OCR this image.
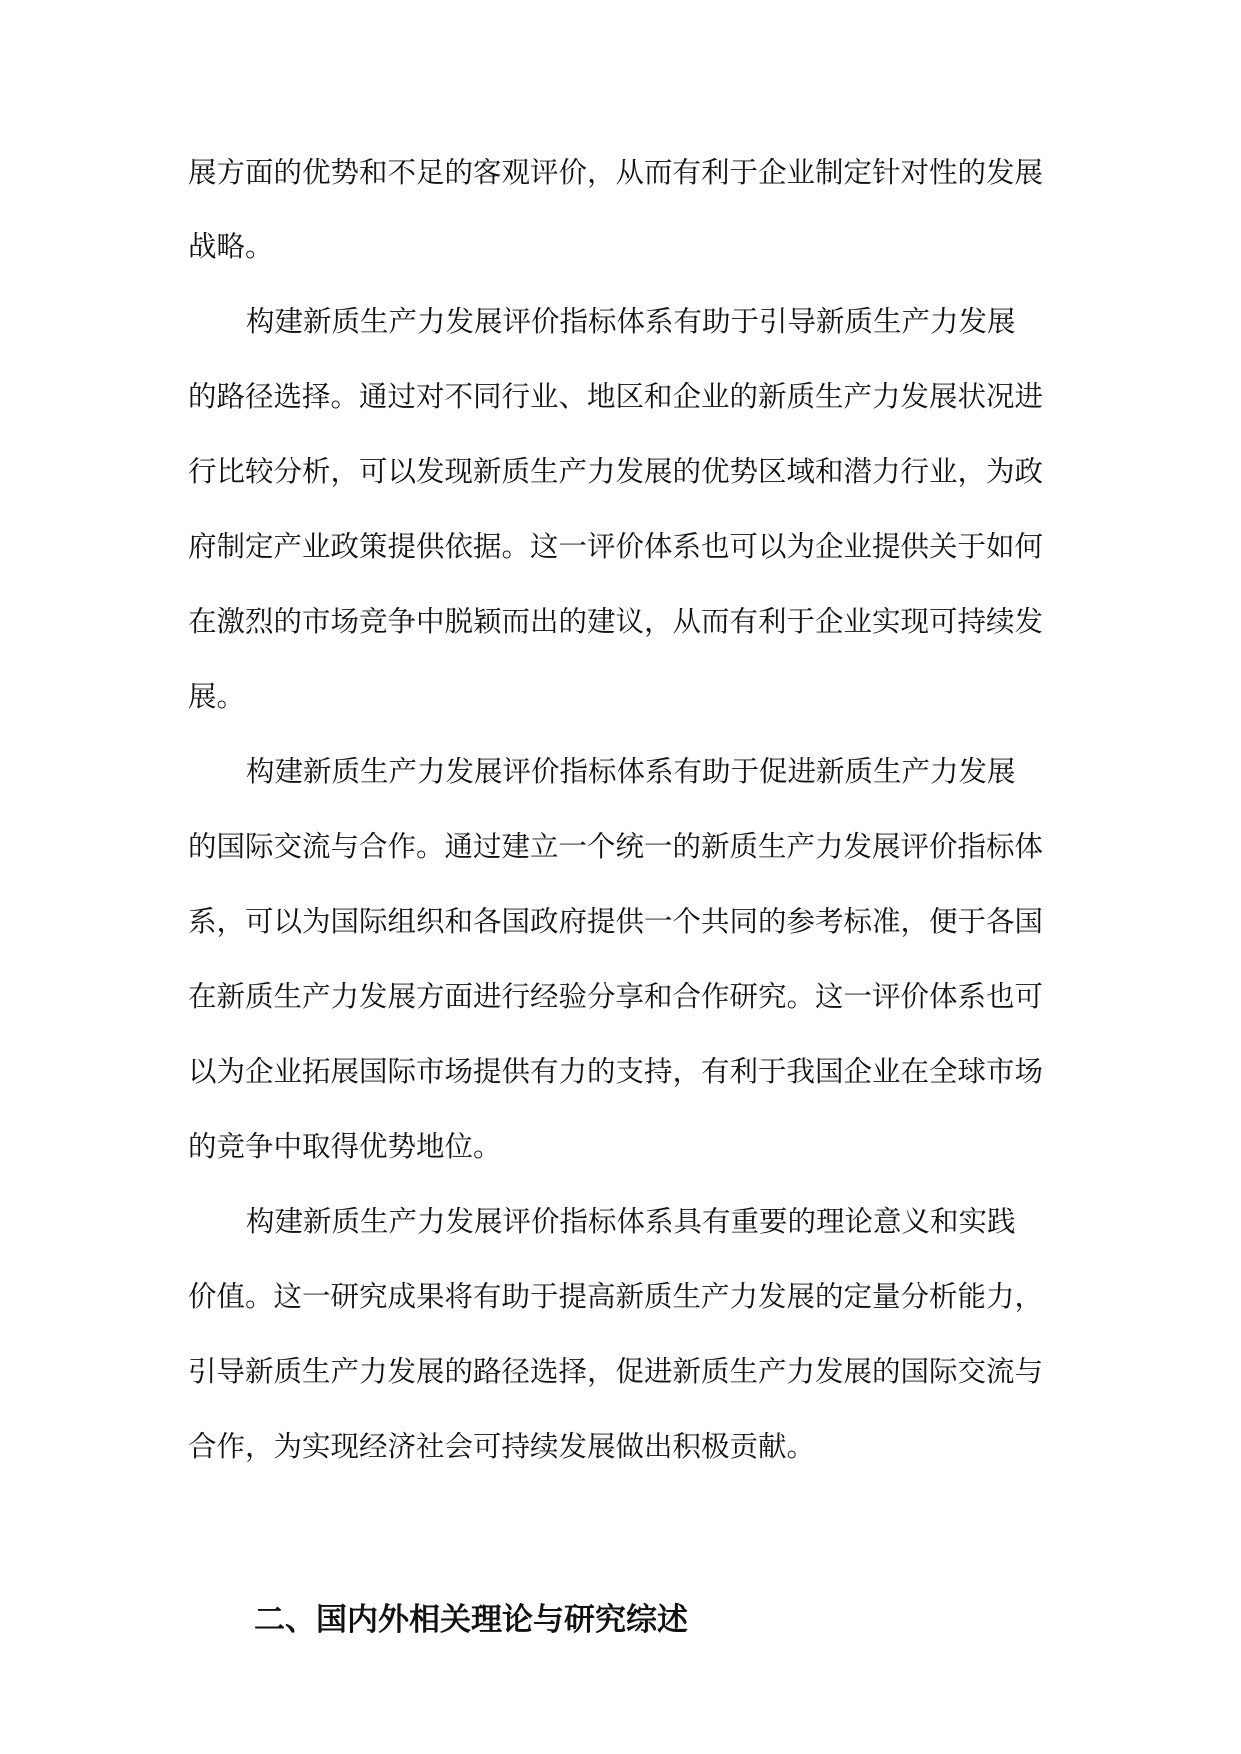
展方面的优势和不足的客观评价，从而有利于企业制定针对性的发展
战略。
构建新质生产力发展评价指标体系有助于引导新质生产力发展
的路径选择。通过对不同行业、地区和企业的新质生产力发展状况进
行比较分析，可以发现新质生产力发展的优势区域和潜力行业，为政
府制定产业政策提供依据。这一评价体系也可以为企业提供关于如何
在激烈的市场竞争中脱颖而出的建议，从而有利于企业实现可持续发
展。
构建新质生产力发展评价指标体系有助于促进新质生产力发展
的国际交流与合作。通过建立一个统一的新质生产力发展评价指标体
系，可以为国际组织和各国政府提供一个共同的参考标准，便于各国
在新质生产力发展方面进行经验分享和合作研究。这一评价体系也可
以为企业拓展国际市场提供有力的支持，有利于我国企业在全球市场
的竞争中取得优势地位。
构建新质生产力发展评价指标体系具有重要的理论意义和实践
价值。这一研究成果将有助于提高新质生产力发展的定量分析能力，
引导新质生产力发展的路径选择，促进新质生产力发展的国际交流与
合作，为实现经济社会可持续发展做出积极贡献。
二、国内外相关理论与研究综述
